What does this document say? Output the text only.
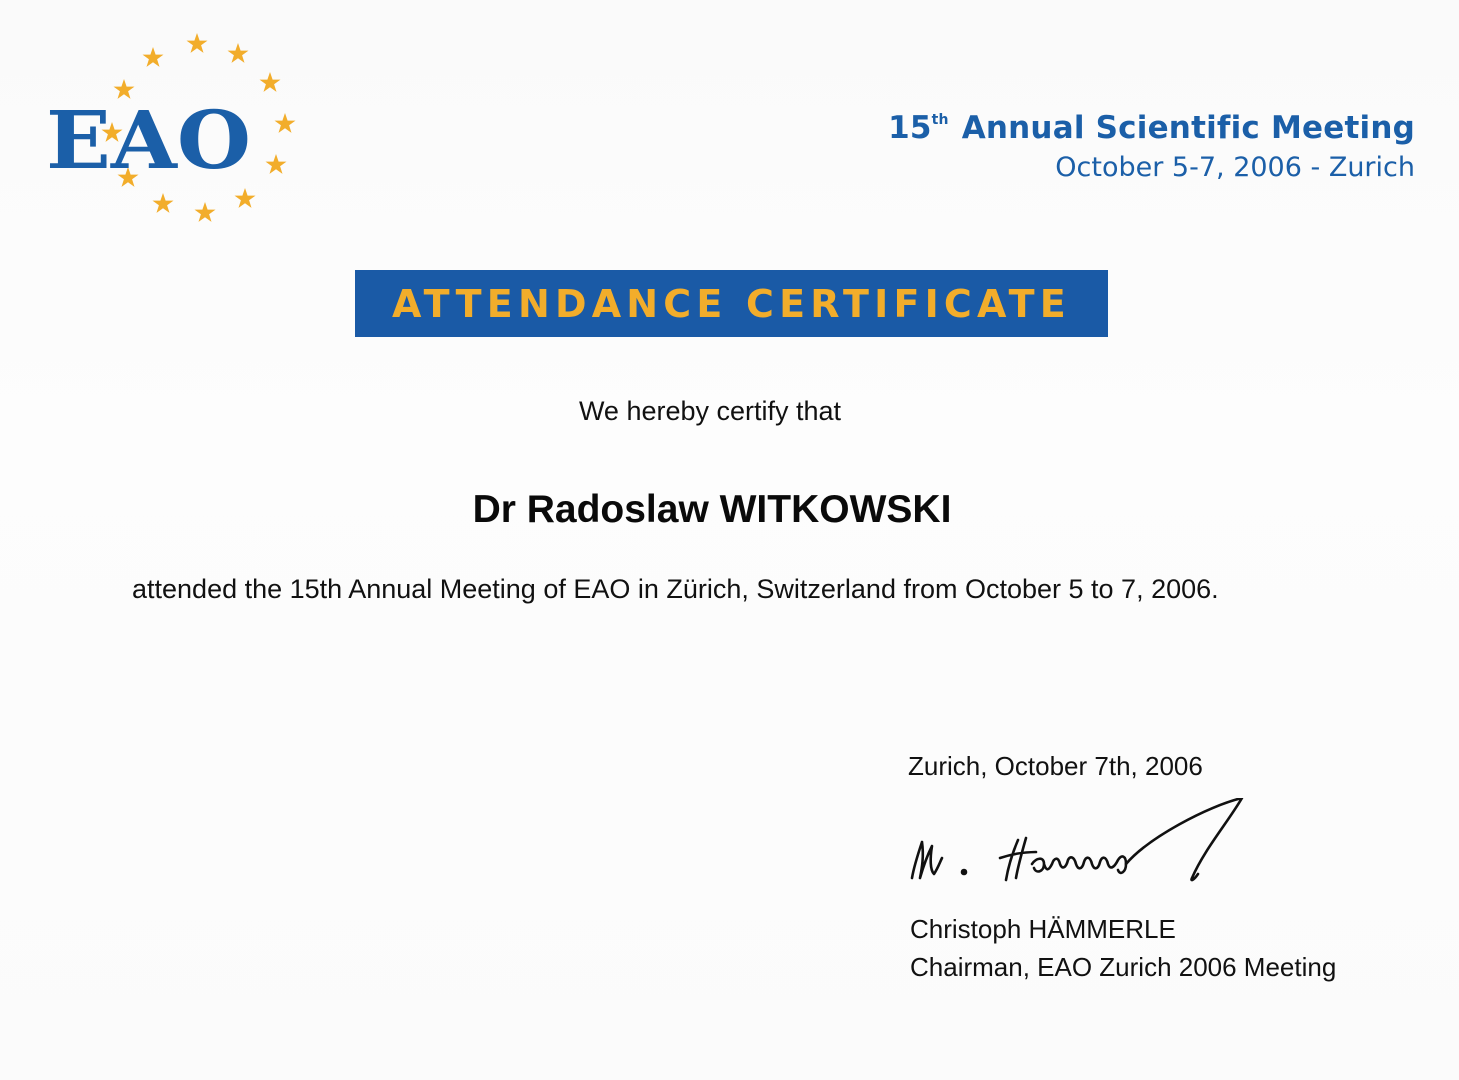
EAO	15th Annual Scientific Meeting
October 5-7, 2006 - Zurich
ATTENDANCE CERTIFICATE
We hereby certify that
Dr Radoslaw WITKOWSKI
attended the 15th Annual Meeting of EAO in Zürich, Switzerland from October 5 to 7, 2006.
Zurich, October 7th, 2006
Christoph HÄMMERLE
Chairman, EAO Zurich 2006 Meeting
